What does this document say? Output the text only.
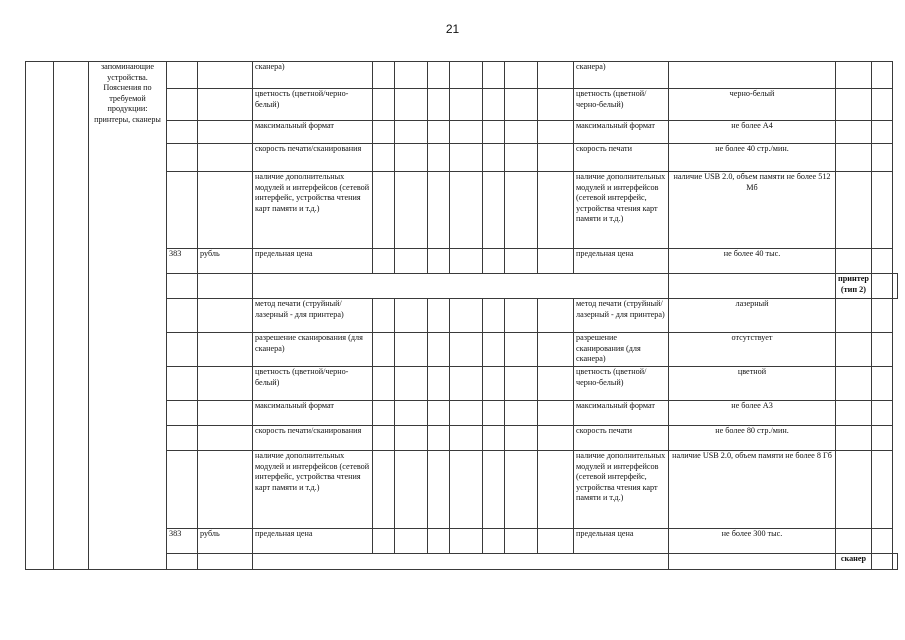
21
		запоминающие устройства. Пояснения по требуемой продукции: принтеры, сканеры			сканера)								сканера)				
					цветность (цветной/черно-белый)								цветность (цветной/черно-белый)	черно-белый			
					максимальный формат								максимальный формат	не более А4			
					скорость печати/сканирования								скорость печати	не более 40 стр./мин.			
					наличие дополнительных модулей и интерфейсов (сетевой интерфейс, устройства чтения карт памяти и т.д.)								наличие дополнительных модулей и интерфейсов (сетевой интерфейс, устройства чтения карт памяти и т.д.)	наличие USB 2.0, объем памяти не более 512 Мб			
			383	рубль	предельная цена								предельная цена	не более 40 тыс.			
															принтер (тип 2)		
					метод печати (струйный/лазерный - для принтера)								метод печати (струйный/лазерный - для принтера)	лазерный			
					разрешение сканирования (для сканера)								разрешение сканирования (для сканера)	отсутствует			
					цветность (цветной/черно-белый)								цветность (цветной/черно-белый)	цветной			
					максимальный формат								максимальный формат	не более А3			
					скорость печати/сканирования								скорость печати	не более 80 стр./мин.			
					наличие дополнительных модулей и интерфейсов (сетевой интерфейс, устройства чтения карт памяти и т.д.)								наличие дополнительных модулей и интерфейсов (сетевой интерфейс, устройства чтения карт памяти и т.д.)	наличие USB 2.0, объем памяти не более 8 Гб			
			383	рубль	предельная цена								предельная цена	не более 300 тыс.			
															сканер		
